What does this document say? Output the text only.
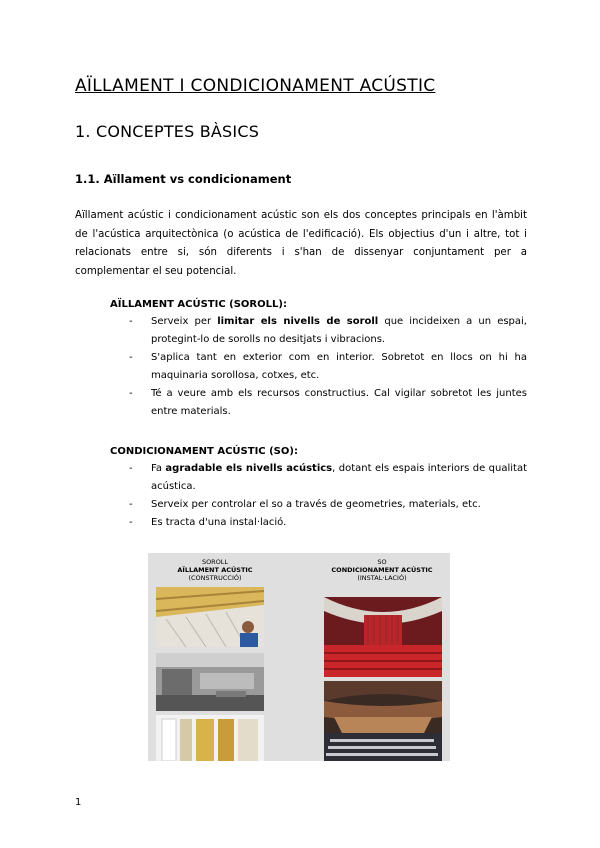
AÏLLAMENT I CONDICIONAMENT ACÚSTIC
1. CONCEPTES BÀSICS
1.1. Aïllament vs condicionament
Aïllament acústic i condicionament acústic son els dos conceptes principals en l'àmbit de l'acústica arquitectònica (o acústica de l'edificació). Els objectius d'un i altre, tot i relacionats entre si, són diferents i s'han de dissenyar conjuntament per a complementar el seu potencial.
AÏLLAMENT ACÚSTIC (SOROLL):
- Serveix per limitar els nivells de soroll que incideixen a un espai, protegint-lo de sorolls no desitjats i vibracions.
- S'aplica tant en exterior com en interior. Sobretot en llocs on hi ha maquinaria sorollosa, cotxes, etc.
- Té a veure amb els recursos constructius. Cal vigilar sobretot les juntes entre materials.
CONDICIONAMENT ACÚSTIC (SO):
- Fa agradable els nivells acústics, dotant els espais interiors de qualitat acústica.
- Serveix per controlar el so a través de geometries, materials, etc.
- Es tracta d'una instal·lació.
SOROLL
AÏLLAMENT ACÚSTIC
(CONSTRUCCIÓ)
SO
CONDICIONAMENT ACÚSTIC
(INSTAL·LACIÓ)
1
